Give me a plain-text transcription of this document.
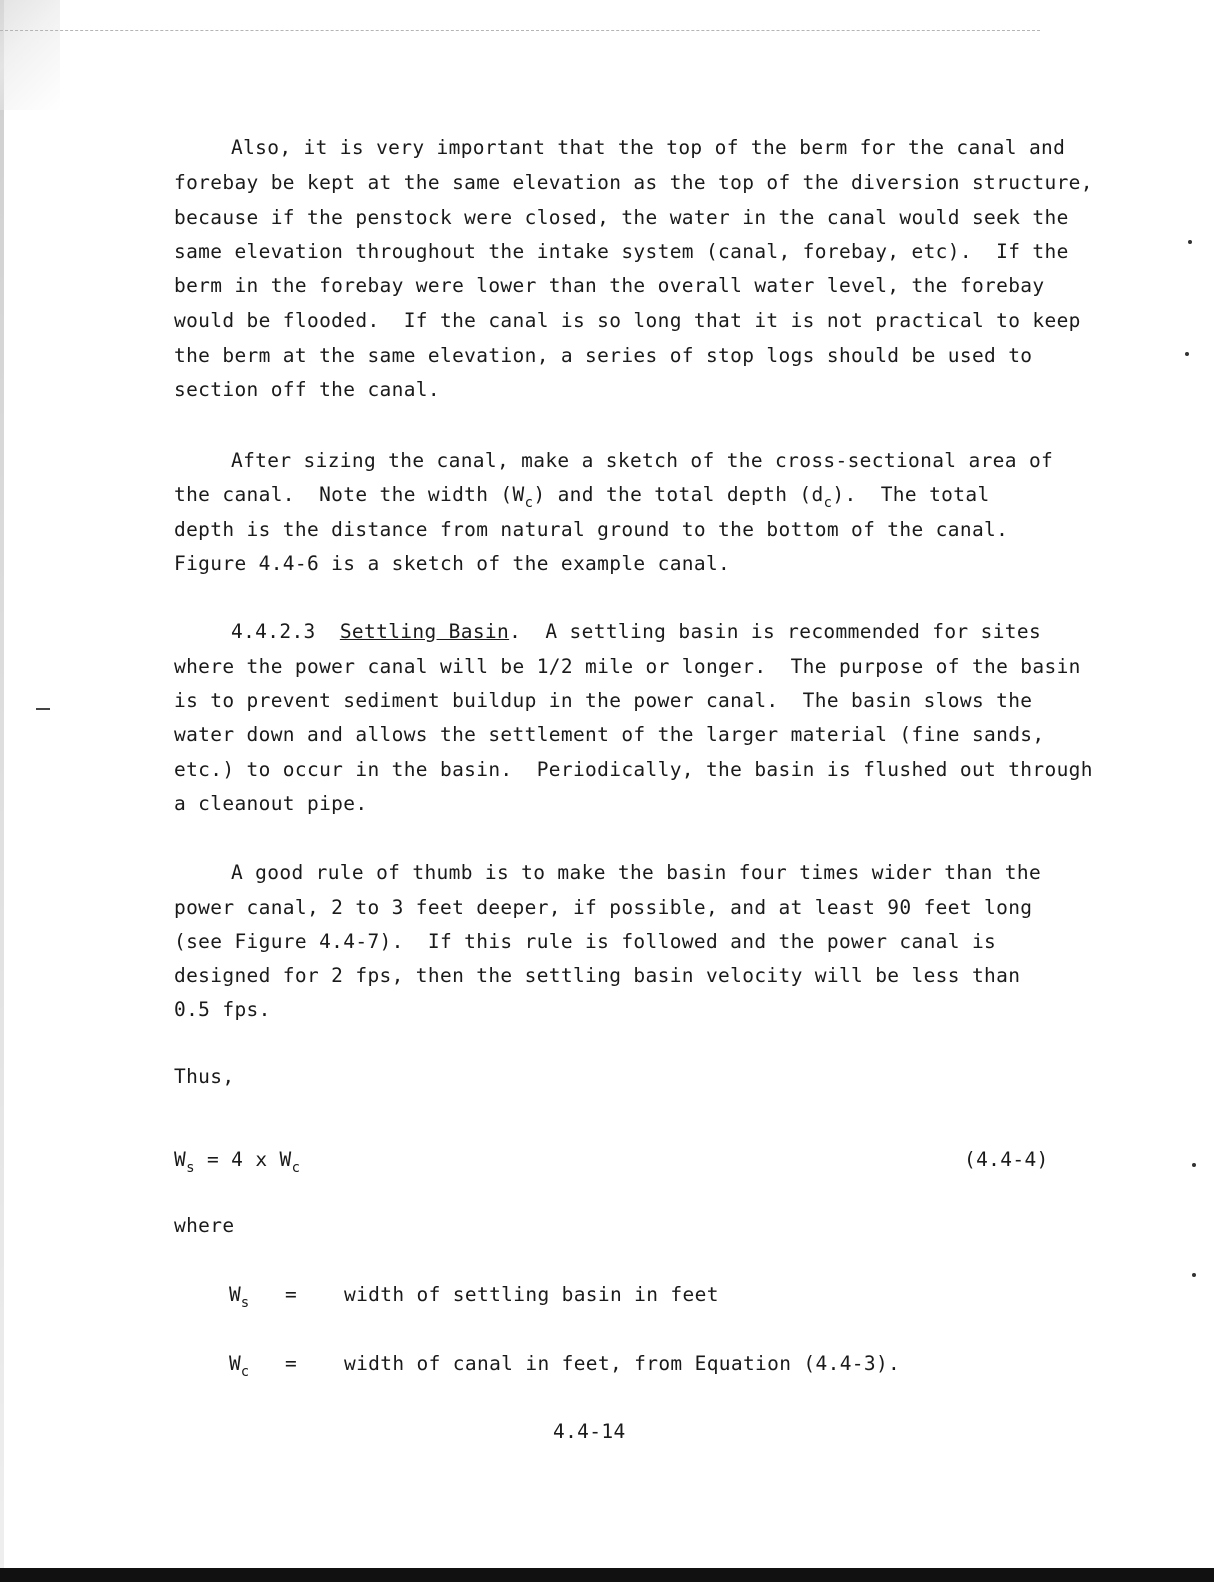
Also, it is very important that the top of the berm for the canal and
forebay be kept at the same elevation as the top of the diversion structure,
because if the penstock were closed, the water in the canal would seek the
same elevation throughout the intake system (canal, forebay, etc).  If the
berm in the forebay were lower than the overall water level, the forebay
would be flooded.  If the canal is so long that it is not practical to keep
the berm at the same elevation, a series of stop logs should be used to
section off the canal.
After sizing the canal, make a sketch of the cross-sectional area of
the canal.  Note the width $(W_c)$ and the total depth $(d_c)$.  The total
depth is the distance from natural ground to the bottom of the canal.
Figure 4.4-6 is a sketch of the example canal.
4.4.2.3 Settling Basin.  A settling basin is recommended for sites
where the power canal will be 1/2 mile or longer.  The purpose of the basin
is to prevent sediment buildup in the power canal.  The basin slows the
water down and allows the settlement of the larger material (fine sands,
etc.) to occur in the basin.  Periodically, the basin is flushed out through
a cleanout pipe.
A good rule of thumb is to make the basin four times wider than the
power canal, 2 to 3 feet deeper, if possible, and at least 90 feet long
(see Figure 4.4-7).  If this rule is followed and the power canal is
designed for 2 fps, then the settling basin velocity will be less than
0.5 fps.
Thus,
$W_s = 4$ x $W_c$	(4.4-4)
where
$W_s$ = width of settling basin in feet
$W_c$ = width of canal in feet, from Equation (4.4-3).
4.4-14
